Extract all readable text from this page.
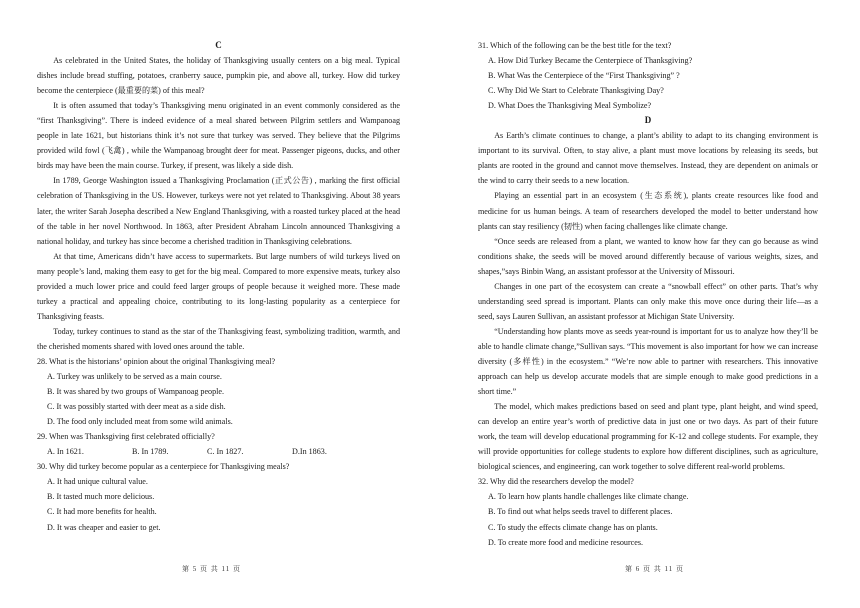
C

As celebrated in the United States, the holiday of Thanksgiving usually centers on a big meal. Typical dishes include bread stuffing, potatoes, cranberry sauce, pumpkin pie, and above all, turkey. How did turkey become the centerpiece (最重要的菜) of this meal?

It is often assumed that today’s Thanksgiving menu originated in an event commonly considered as the “first Thanksgiving”. There is indeed evidence of a meal shared between Pilgrim settlers and Wampanoag people in late 1621, but historians think it’s not sure that turkey was served. They believe that the Pilgrims provided wild fowl (飞禽) , while the Wampanoag brought deer for meat. Passenger pigeons, ducks, and other birds may have been the main course. Turkey, if present, was likely a side dish.

In 1789, George Washington issued a Thanksgiving Proclamation (正式公告) , marking the first official celebration of Thanksgiving in the US. However, turkeys were not yet related to Thanksgiving. About 38 years later, the writer Sarah Josepha described a New England Thanksgiving, with a roasted turkey placed at the head of the table in her novel Northwood. In 1863, after President Abraham Lincoln announced Thanksgiving a national holiday, and turkey has since become a cherished tradition in Thanksgiving celebrations.

At that time, Americans didn’t have access to supermarkets. But large numbers of wild turkeys lived on many people’s land, making them easy to get for the big meal. Compared to more expensive meats, turkey also provided a much lower price and could feed larger groups of people because it weighed more. These made turkey a practical and appealing choice, contributing to its long-lasting popularity as a centerpiece for Thanksgiving feasts.

Today, turkey continues to stand as the star of the Thanksgiving feast, symbolizing tradition, warmth, and the cherished moments shared with loved ones around the table.

28. What is the historians’ opinion about the original Thanksgiving meal?

A. Turkey was unlikely to be served as a main course.

B. It was shared by two groups of Wampanoag people.

C. It was possibly started with deer meat as a side dish.

D. The food only included meat from some wild animals.

29. When was Thanksgiving first celebrated officially?

A. In 1621.	B. In 1789.	C. In 1827.	D.In 1863.

30. Why did turkey become popular as a centerpiece for Thanksgiving meals?

A. It had unique cultural value.

B. It tasted much more delicious.

C. It had more benefits for health.

D. It was cheaper and easier to get.

31. Which of the following can be the best title for the text?

A. How Did Turkey Became the Centerpiece of Thanksgiving?

B. What Was the Centerpiece of the “First Thanksgiving” ?

C. Why Did We Start to Celebrate Thanksgiving Day?

D. What Does the Thanksgiving Meal Symbolize?

D

As Earth’s climate continues to change, a plant’s ability to adapt to its changing environment is important to its survival. Often, to stay alive, a plant must move locations by releasing its seeds, but plants are rooted in the ground and cannot move themselves. Instead, they are dependent on animals or the wind to carry their seeds to a new location.

Playing an essential part in an ecosystem (生态系统), plants create resources like food and medicine for us human beings. A team of researchers developed the model to better understand how plants can stay resiliency (韧性) when facing challenges like climate change.

“Once seeds are released from a plant, we wanted to know how far they can go because as wind conditions shake, the seeds will be moved around differently because of various weights, sizes, and shapes,”says Binbin Wang, an assistant professor at the University of Missouri.

Changes in one part of the ecosystem can create a “snowball effect” on other parts. That’s why understanding seed spread is important. Plants can only make this move once during their life—as a seed, says Lauren Sullivan, an assistant professor at Michigan State University.

“Understanding how plants move as seeds year-round is important for us to analyze how they’ll be able to handle climate change,”Sullivan says. “This movement is also important for how we can increase diversity (多样性) in the ecosystem.” “We’re now able to partner with researchers. This innovative approach can help us develop accurate models that are simple enough to make good predictions in a short time.”

The model, which makes predictions based on seed and plant type, plant height, and wind speed, can develop an entire year’s worth of predictive data in just one or two days. As part of their future work, the team will develop educational programming for K-12 and college students. For example, they will provide opportunities for college students to explore how different disciplines, such as agriculture, biological sciences, and engineering, can work together to solve different real-world problems.

32. Why did the researchers develop the model?

A. To learn how plants handle challenges like climate change.

B. To find out what helps seeds travel to different places.

C. To study the effects climate change has on plants.

D. To create more food and medicine resources.

第 5 页 共 11 页	第 6 页 共 11 页
